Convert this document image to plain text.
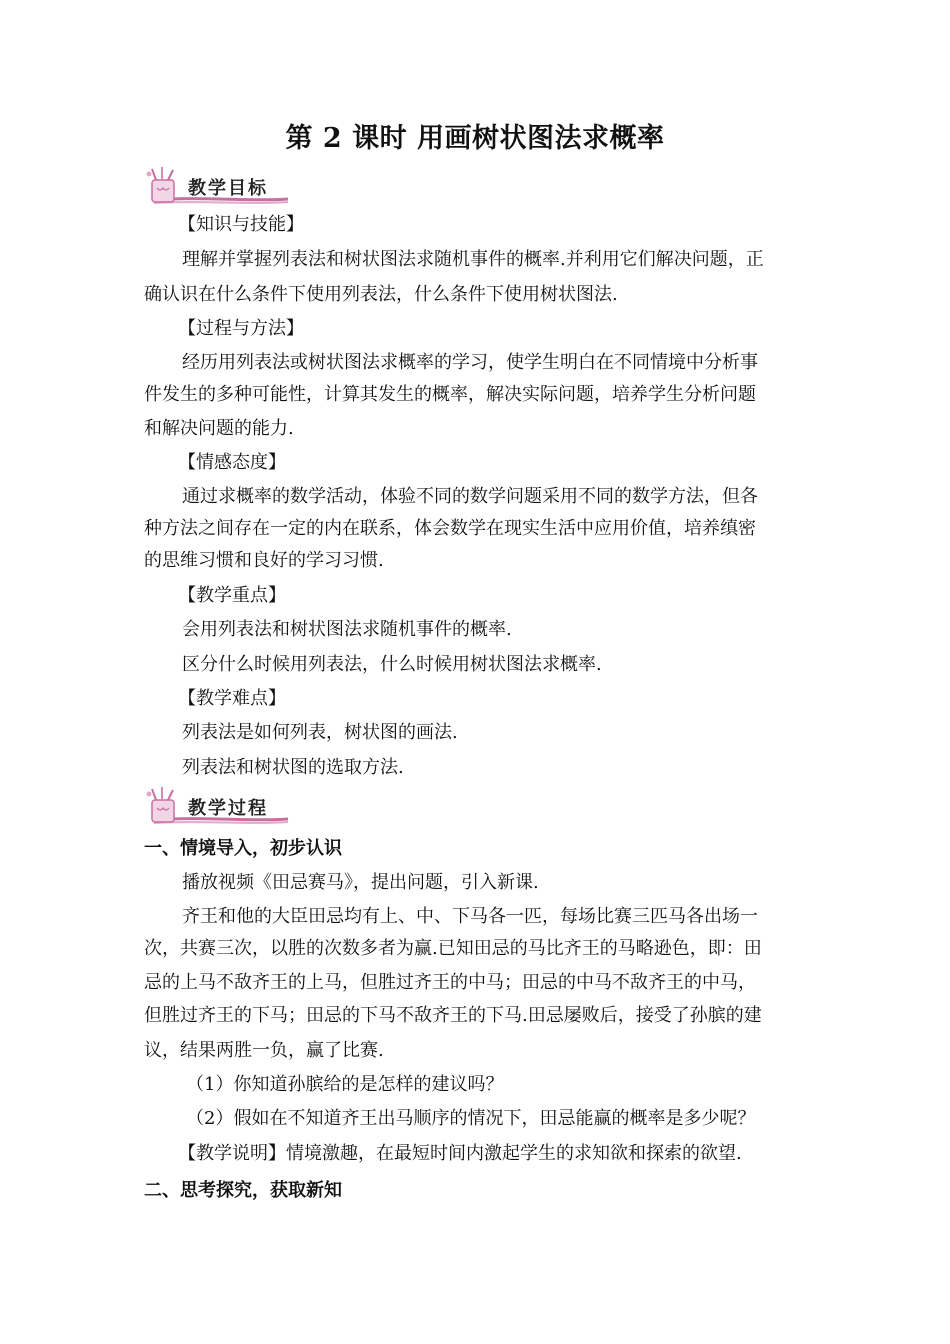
第 2 课时 用画树状图法求概率
教学目标
【知识与技能】
理解并掌握列表法和树状图法求随机事件的概率.并利用它们解决问题，正
确认识在什么条件下使用列表法，什么条件下使用树状图法.
【过程与方法】
经历用列表法或树状图法求概率的学习，使学生明白在不同情境中分析事
件发生的多种可能性，计算其发生的概率，解决实际问题，培养学生分析问题
和解决问题的能力.
【情感态度】
通过求概率的数学活动，体验不同的数学问题采用不同的数学方法，但各
种方法之间存在一定的内在联系，体会数学在现实生活中应用价值，培养缜密
的思维习惯和良好的学习习惯.
【教学重点】
会用列表法和树状图法求随机事件的概率.
区分什么时候用列表法，什么时候用树状图法求概率.
【教学难点】
列表法是如何列表，树状图的画法.
列表法和树状图的选取方法.
教学过程
一、情境导入，初步认识
播放视频《田忌赛马》，提出问题，引入新课.
齐王和他的大臣田忌均有上、中、下马各一匹，每场比赛三匹马各出场一
次，共赛三次，以胜的次数多者为赢.已知田忌的马比齐王的马略逊色，即：田
忌的上马不敌齐王的上马，但胜过齐王的中马；田忌的中马不敌齐王的中马，
但胜过齐王的下马；田忌的下马不敌齐王的下马.田忌屡败后，接受了孙膑的建
议，结果两胜一负，赢了比赛.
（1）你知道孙膑给的是怎样的建议吗？
（2）假如在不知道齐王出马顺序的情况下，田忌能赢的概率是多少呢？
【教学说明】情境激趣，在最短时间内激起学生的求知欲和探索的欲望.
二、思考探究，获取新知
